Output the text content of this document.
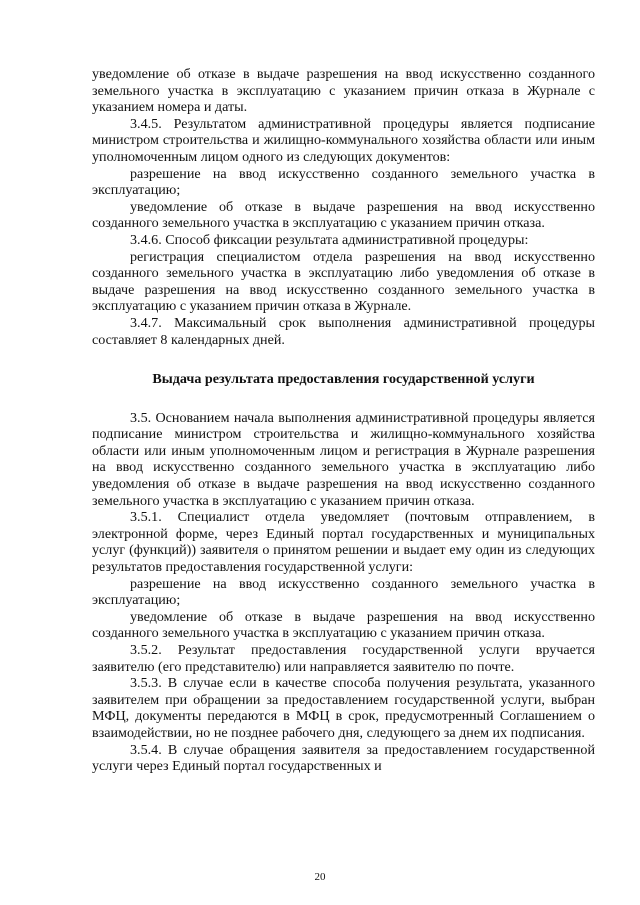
уведомление об отказе в выдаче разрешения на ввод искусственно созданного земельного участка в эксплуатацию с указанием причин отказа в Журнале с указанием номера и даты.

3.4.5. Результатом административной процедуры является подписание министром строительства и жилищно-коммунального хозяйства области или иным уполномоченным лицом одного из следующих документов:

разрешение на ввод искусственно созданного земельного участка в эксплуатацию;

уведомление об отказе в выдаче разрешения на ввод искусственно созданного земельного участка в эксплуатацию с указанием причин отказа.

3.4.6. Способ фиксации результата административной процедуры:

регистрация специалистом отдела разрешения на ввод искусственно созданного земельного участка в эксплуатацию либо уведомления об отказе в выдаче разрешения на ввод искусственно созданного земельного участка в эксплуатацию с указанием причин отказа в Журнале.

3.4.7. Максимальный срок выполнения административной процедуры составляет 8 календарных дней.

Выдача результата предоставления государственной услуги

3.5. Основанием начала выполнения административной процедуры является подписание министром строительства и жилищно-коммунального хозяйства области или иным уполномоченным лицом и регистрация в Журнале разрешения на ввод искусственно созданного земельного участка в эксплуатацию либо уведомления об отказе в выдаче разрешения на ввод искусственно созданного земельного участка в эксплуатацию с указанием причин отказа.

3.5.1. Специалист отдела уведомляет (почтовым отправлением, в электронной форме, через Единый портал государственных и муниципальных услуг (функций)) заявителя о принятом решении и выдает ему один из следующих результатов предоставления государственной услуги:

разрешение на ввод искусственно созданного земельного участка в эксплуатацию;

уведомление об отказе в выдаче разрешения на ввод искусственно созданного земельного участка в эксплуатацию с указанием причин отказа.

3.5.2. Результат предоставления государственной услуги вручается заявителю (его представителю) или направляется заявителю по почте.

3.5.3. В случае если в качестве способа получения результата, указанного заявителем при обращении за предоставлением государственной услуги, выбран МФЦ, документы передаются в МФЦ в срок, предусмотренный Соглашением о взаимодействии, но не позднее рабочего дня, следующего за днем их подписания.

3.5.4. В случае обращения заявителя за предоставлением государственной услуги через Единый портал государственных и

20
